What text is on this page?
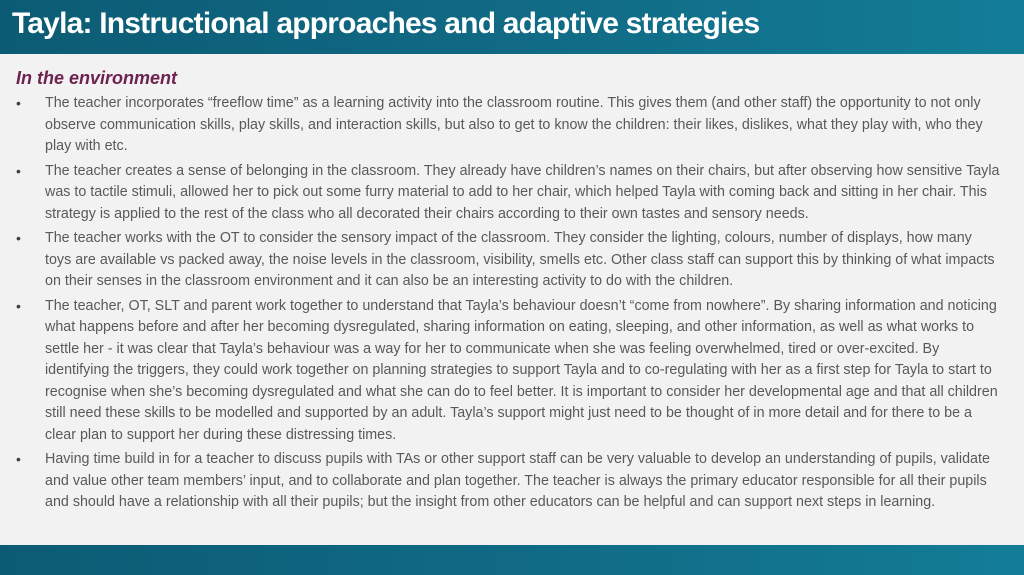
Tayla: Instructional approaches and adaptive strategies
In the environment
• The teacher incorporates “freeflow time” as a learning activity into the classroom routine. This gives them (and other staff) the opportunity to not only observe communication skills, play skills, and interaction skills, but also to get to know the children: their likes, dislikes, what they play with, who they play with etc.
• The teacher creates a sense of belonging in the classroom. They already have children’s names on their chairs, but after observing how sensitive Tayla was to tactile stimuli, allowed her to pick out some furry material to add to her chair, which helped Tayla with coming back and sitting in her chair. This strategy is applied to the rest of the class who all decorated their chairs according to their own tastes and sensory needs.
• The teacher works with the OT to consider the sensory impact of the classroom. They consider the lighting, colours, number of displays, how many toys are available vs packed away, the noise levels in the classroom, visibility, smells etc. Other class staff can support this by thinking of what impacts on their senses in the classroom environment and it can also be an interesting activity to do with the children.
• The teacher, OT, SLT and parent work together to understand that Tayla’s behaviour doesn’t “come from nowhere”. By sharing information and noticing what happens before and after her becoming dysregulated, sharing information on eating, sleeping, and other information, as well as what works to settle her - it was clear that Tayla’s behaviour was a way for her to communicate when she was feeling overwhelmed, tired or over-excited. By identifying the triggers, they could work together on planning strategies to support Tayla and to co-regulating with her as a first step for Tayla to start to recognise when she’s becoming dysregulated and what she can do to feel better. It is important to consider her developmental age and that all children still need these skills to be modelled and supported by an adult. Tayla’s support might just need to be thought of in more detail and for there to be a clear plan to support her during these distressing times.
• Having time build in for a teacher to discuss pupils with TAs or other support staff can be very valuable to develop an understanding of pupils, validate and value other team members’ input, and to collaborate and plan together. The teacher is always the primary educator responsible for all their pupils and should have a relationship with all their pupils; but the insight from other educators can be helpful and can support next steps in learning.
